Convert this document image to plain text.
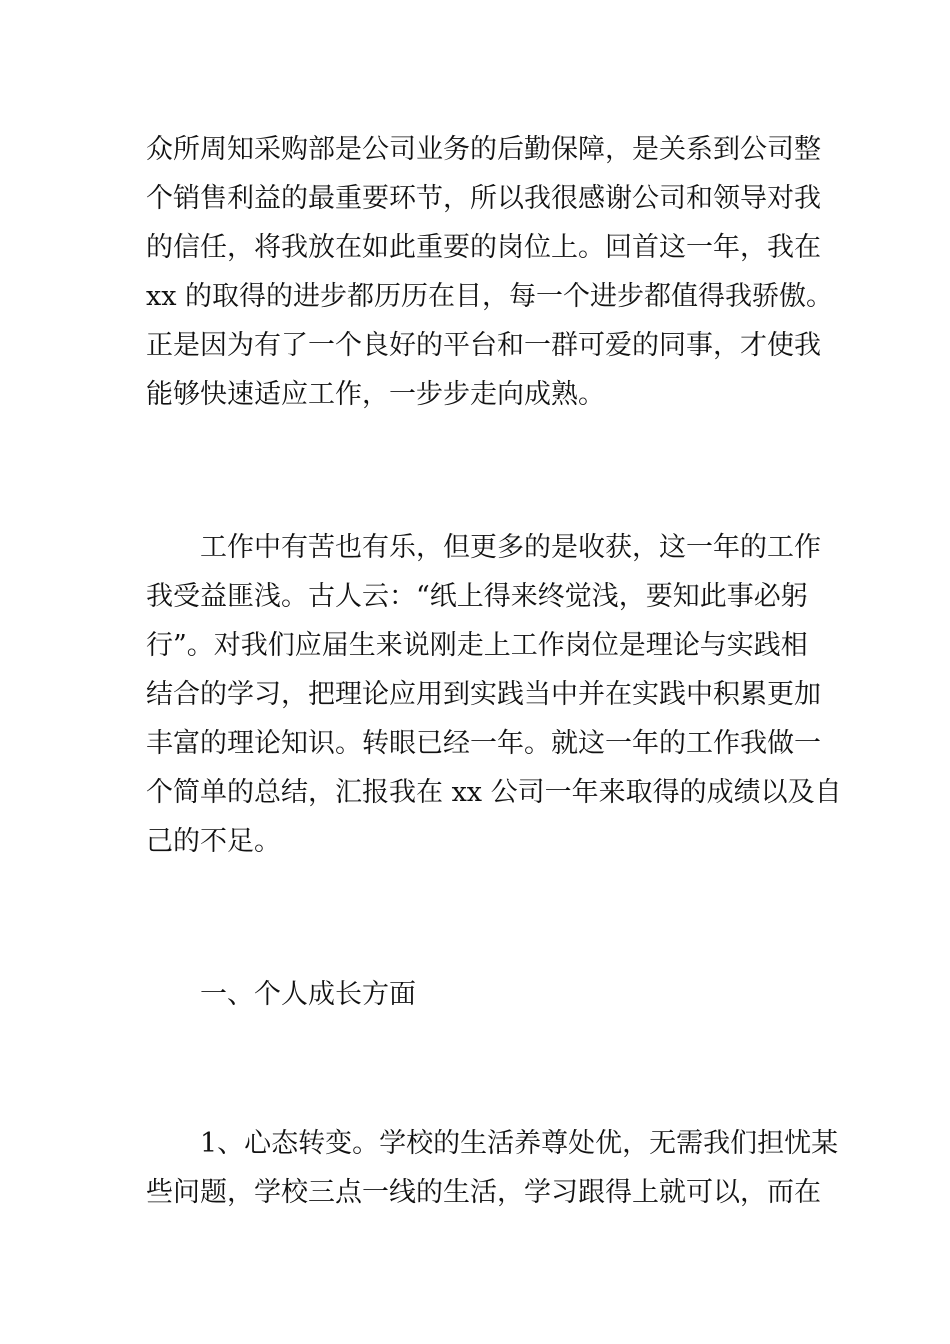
众所周知采购部是公司业务的后勤保障，是关系到公司整
个销售利益的最重要环节，所以我很感谢公司和领导对我
的信任，将我放在如此重要的岗位上。回首这一年，我在
xx 的取得的进步都历历在目，每一个进步都值得我骄傲。
正是因为有了一个良好的平台和一群可爱的同事，才使我
能够快速适应工作，一步步走向成熟。
工作中有苦也有乐，但更多的是收获，这一年的工作
我受益匪浅。古人云：“纸上得来终觉浅，要知此事必躬
行”。对我们应届生来说刚走上工作岗位是理论与实践相
结合的学习，把理论应用到实践当中并在实践中积累更加
丰富的理论知识。转眼已经一年。就这一年的工作我做一
个简单的总结，汇报我在 xx 公司一年来取得的成绩以及自
己的不足。
一、个人成长方面
1、心态转变。学校的生活养尊处优，无需我们担忧某
些问题，学校三点一线的生活，学习跟得上就可以，而在
